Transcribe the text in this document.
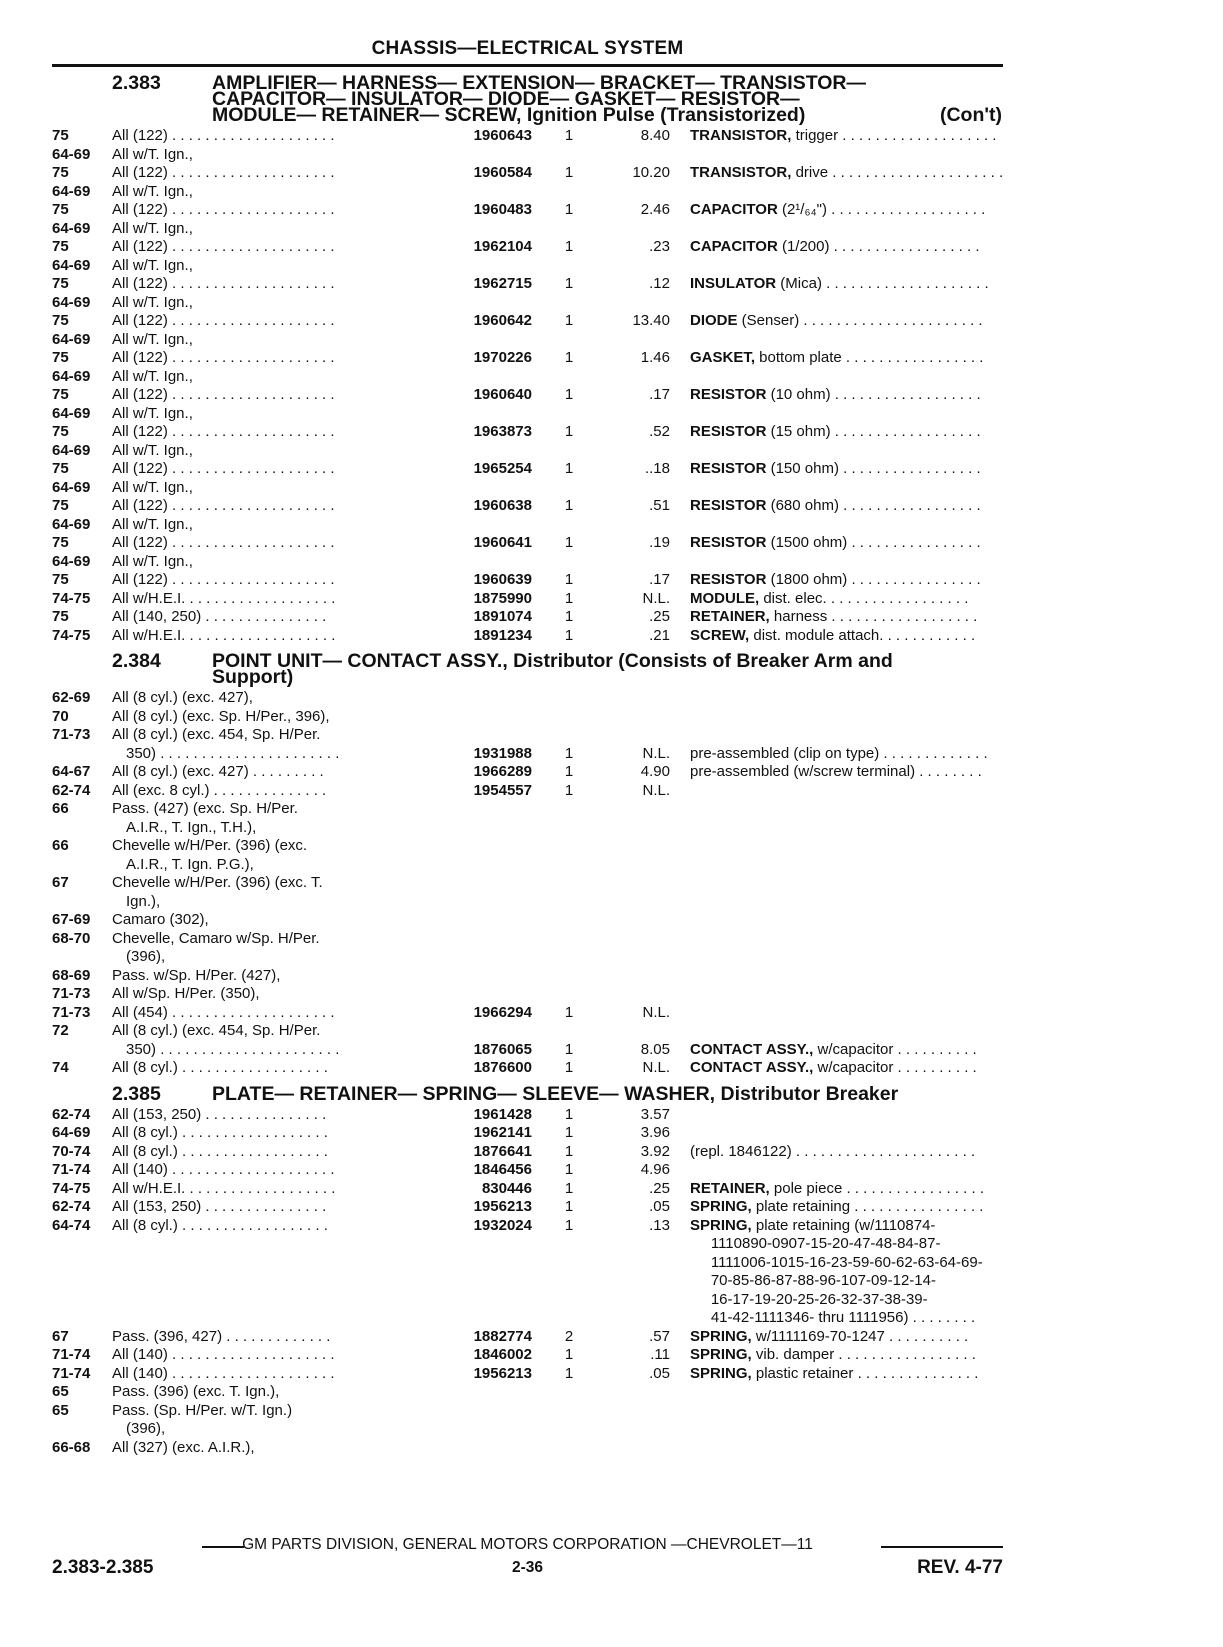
CHASSIS—ELECTRICAL SYSTEM
2.383	AMPLIFIER— HARNESS— EXTENSION— BRACKET— TRANSISTOR—
CAPACITOR— INSULATOR— DIODE— GASKET— RESISTOR—
MODULE— RETAINER— SCREW, Ignition Pulse (Transistorized)	(Con't)
75	All (122) . . . . . . . . . . . . . . . . . . . .	1960643 1	8.40 TRANSISTOR, trigger . . . . . . . . . . . . . . . . . . .
64-69	All w/T. Ign.,
75	All (122) . . . . . . . . . . . . . . . . . . . .	1960584 1	10.20 TRANSISTOR, drive . . . . . . . . . . . . . . . . . . . . .
64-69	All w/T. Ign.,
75	All (122) . . . . . . . . . . . . . . . . . . . .	1960483 1	2.46 CAPACITOR (2¹/₆₄") . . . . . . . . . . . . . . . . . . .
64-69	All w/T. Ign.,
75	All (122) . . . . . . . . . . . . . . . . . . . .	1962104 1	.23 CAPACITOR (1/200) . . . . . . . . . . . . . . . . . .
64-69	All w/T. Ign.,
75	All (122) . . . . . . . . . . . . . . . . . . . .	1962715 1	.12 INSULATOR (Mica) . . . . . . . . . . . . . . . . . . . .
64-69	All w/T. Ign.,
75	All (122) . . . . . . . . . . . . . . . . . . . .	1960642 1	13.40 DIODE (Senser) . . . . . . . . . . . . . . . . . . . . . .
64-69	All w/T. Ign.,
75	All (122) . . . . . . . . . . . . . . . . . . . .	1970226 1	1.46 GASKET, bottom plate . . . . . . . . . . . . . . . . .
64-69	All w/T. Ign.,
75	All (122) . . . . . . . . . . . . . . . . . . . .	1960640 1	.17 RESISTOR (10 ohm) . . . . . . . . . . . . . . . . . .
64-69	All w/T. Ign.,
75	All (122) . . . . . . . . . . . . . . . . . . . .	1963873 1	.52 RESISTOR (15 ohm) . . . . . . . . . . . . . . . . . .
64-69	All w/T. Ign.,
75	All (122) . . . . . . . . . . . . . . . . . . . .	1965254 1	..18 RESISTOR (150 ohm) . . . . . . . . . . . . . . . . .
64-69	All w/T. Ign.,
75	All (122) . . . . . . . . . . . . . . . . . . . .	1960638 1	.51 RESISTOR (680 ohm) . . . . . . . . . . . . . . . . .
64-69	All w/T. Ign.,
75	All (122) . . . . . . . . . . . . . . . . . . . .	1960641 1	.19 RESISTOR (1500 ohm) . . . . . . . . . . . . . . . .
64-69	All w/T. Ign.,
75	All (122) . . . . . . . . . . . . . . . . . . . .	1960639 1	.17 RESISTOR (1800 ohm) . . . . . . . . . . . . . . . .
74-75	All w/H.E.I. . . . . . . . . . . . . . . . . . .	1875990 1	N.L. MODULE, dist. elec. . . . . . . . . . . . . . . . . .
75	All (140, 250) . . . . . . . . . . . . . . .	1891074 1	.25 RETAINER, harness . . . . . . . . . . . . . . . . . .
74-75	All w/H.E.I. . . . . . . . . . . . . . . . . . .	1891234 1	.21 SCREW, dist. module attach. . . . . . . . . . . .
2.384	POINT UNIT— CONTACT ASSY., Distributor (Consists of Breaker Arm and
Support)
62-69	All (8 cyl.) (exc. 427),
70	All (8 cyl.) (exc. Sp. H/Per., 396),
71-73	All (8 cyl.) (exc. 454, Sp. H/Per.
350) . . . . . . . . . . . . . . . . . . . . . .	1931988 1	N.L. pre-assembled (clip on type) . . . . . . . . . . . . .
64-67	All (8 cyl.) (exc. 427) . . . . . . . . .	1966289 1	4.90 pre-assembled (w/screw terminal) . . . . . . . .
62-74	All (exc. 8 cyl.) . . . . . . . . . . . . . .	1954557 1	N.L.
66	Pass. (427) (exc. Sp. H/Per.
A.I.R., T. Ign., T.H.),
66	Chevelle w/H/Per. (396) (exc.
A.I.R., T. Ign. P.G.),
67	Chevelle w/H/Per. (396) (exc. T.
Ign.),
67-69	Camaro (302),
68-70	Chevelle, Camaro w/Sp. H/Per.
(396),
68-69	Pass. w/Sp. H/Per. (427),
71-73	All w/Sp. H/Per. (350),
71-73	All (454) . . . . . . . . . . . . . . . . . . . .	1966294 1	N.L.
72	All (8 cyl.) (exc. 454, Sp. H/Per.
350) . . . . . . . . . . . . . . . . . . . . . .	1876065 1	8.05 CONTACT ASSY., w/capacitor . . . . . . . . . .
74	All (8 cyl.) . . . . . . . . . . . . . . . . . .	1876600 1	N.L. CONTACT ASSY., w/capacitor . . . . . . . . . .
2.385	PLATE— RETAINER— SPRING— SLEEVE— WASHER, Distributor Breaker
62-74	All (153, 250) . . . . . . . . . . . . . . .	1961428 1	3.57
64-69	All (8 cyl.) . . . . . . . . . . . . . . . . . .	1962141 1	3.96
70-74	All (8 cyl.) . . . . . . . . . . . . . . . . . .	1876641 1	3.92 (repl. 1846122) . . . . . . . . . . . . . . . . . . . . . .
71-74	All (140) . . . . . . . . . . . . . . . . . . . .	1846456 1	4.96
74-75	All w/H.E.I. . . . . . . . . . . . . . . . . . .	830446 1	.25 RETAINER, pole piece . . . . . . . . . . . . . . . . .
62-74	All (153, 250) . . . . . . . . . . . . . . .	1956213 1	.05 SPRING, plate retaining . . . . . . . . . . . . . . . .
64-74	All (8 cyl.) . . . . . . . . . . . . . . . . . .	1932024 1	.13 SPRING, plate retaining (w/1110874-
1110890-0907-15-20-47-48-84-87-
1111006-1015-16-23-59-60-62-63-64-69-
70-85-86-87-88-96-107-09-12-14-
16-17-19-20-25-26-32-37-38-39-
41-42-1111346- thru 1111956) . . . . . . . .
67	Pass. (396, 427) . . . . . . . . . . . . .	1882774 2	.57 SPRING, w/1111169-70-1247 . . . . . . . . . .
71-74	All (140) . . . . . . . . . . . . . . . . . . . .	1846002 1	.11 SPRING, vib. damper . . . . . . . . . . . . . . . . .
71-74	All (140) . . . . . . . . . . . . . . . . . . . .	1956213 1	.05 SPRING, plastic retainer . . . . . . . . . . . . . . .
65	Pass. (396) (exc. T. Ign.),
65	Pass. (Sp. H/Per. w/T. Ign.)
(396),
66-68	All (327) (exc. A.I.R.),
GM PARTS DIVISION, GENERAL MOTORS CORPORATION —CHEVROLET—11
2.383-2.385	2-36	REV. 4-77
